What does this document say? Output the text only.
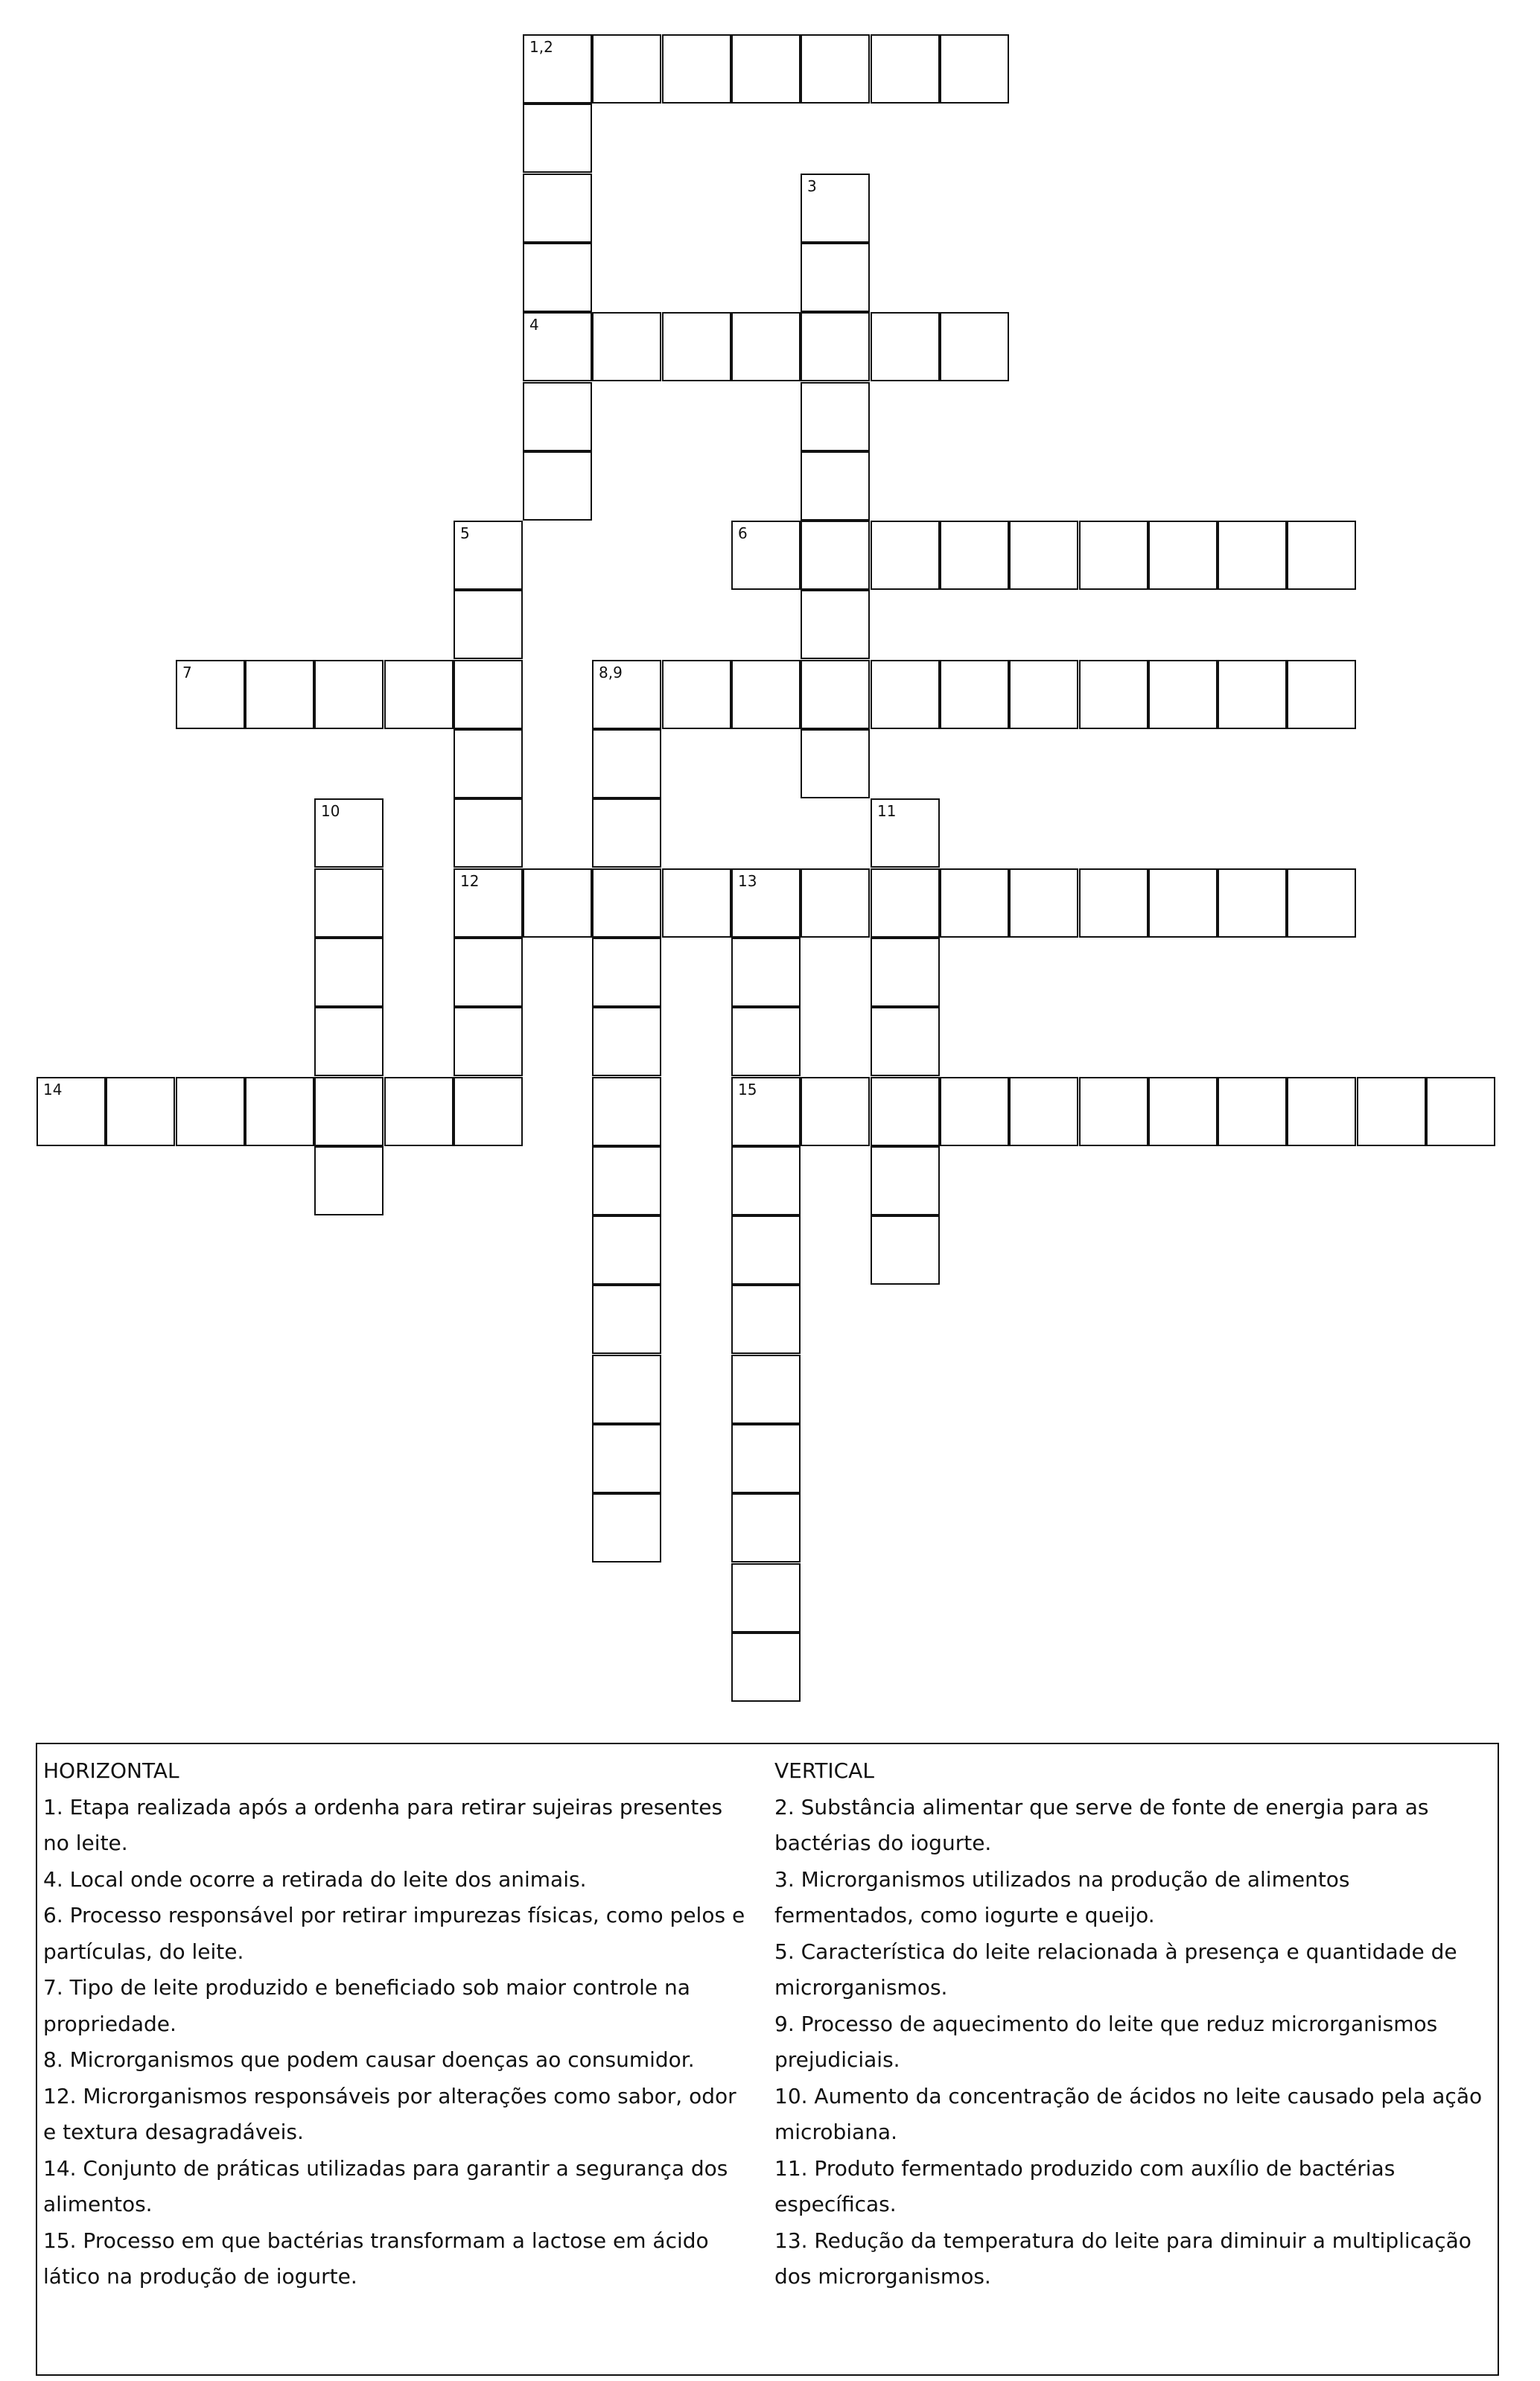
1,2
4
3
6
5
12
7	8,9
10	11
13
15
14

HORIZONTAL

1. Etapa realizada após a ordenha para retirar sujeiras presentes no leite.

4. Local onde ocorre a retirada do leite dos animais.

6. Processo responsável por retirar impurezas físicas, como pelos e partículas, do leite.

7. Tipo de leite produzido e beneficiado sob maior controle na propriedade.

8. Microrganismos que podem causar doenças ao consumidor.

12. Microrganismos responsáveis por alterações como sabor, odor e textura desagradáveis.

14. Conjunto de práticas utilizadas para garantir a segurança dos alimentos.

15. Processo em que bactérias transformam a lactose em ácido lático na produção de iogurte.

VERTICAL

2. Substância alimentar que serve de fonte de energia para as bactérias do iogurte.

3. Microrganismos utilizados na produção de alimentos fermentados, como iogurte e queijo.

5. Característica do leite relacionada à presença e quantidade de microrganismos.

9. Processo de aquecimento do leite que reduz microrganismos prejudiciais.

10. Aumento da concentração de ácidos no leite causado pela ação microbiana.

11. Produto fermentado produzido com auxílio de bactérias específicas.

13. Redução da temperatura do leite para diminuir a multiplicação dos microrganismos.
